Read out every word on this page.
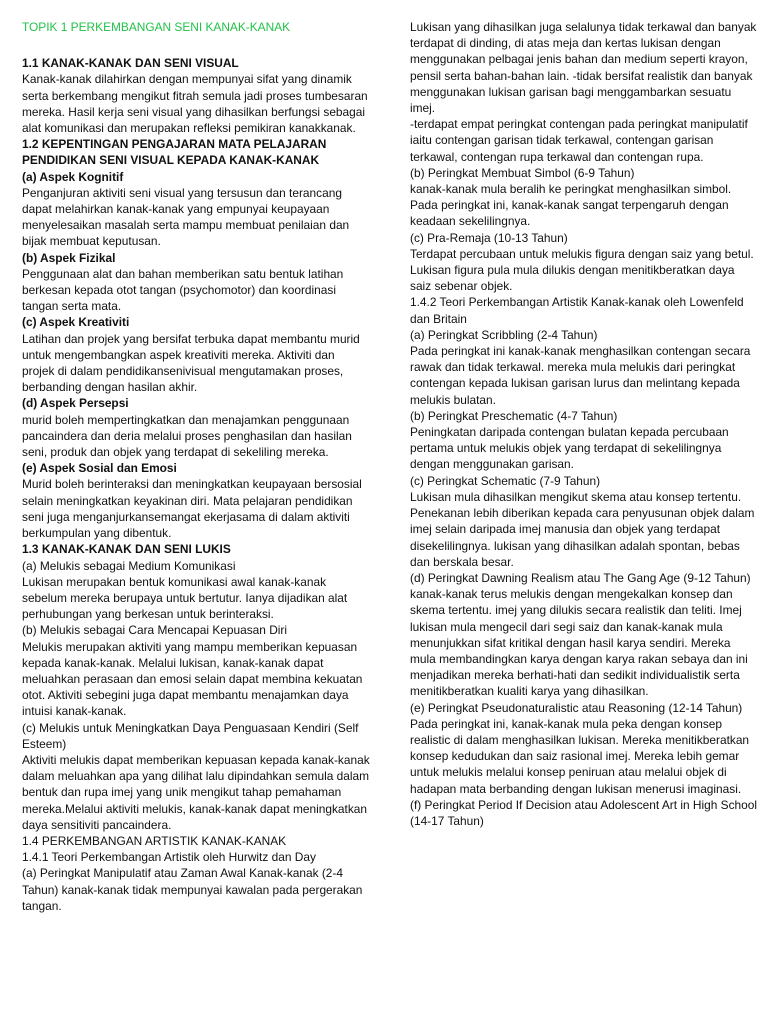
TOPIK 1 PERKEMBANGAN SENI KANAK-KANAK

1.1 KANAK-KANAK DAN SENI VISUAL

Kanak-kanak dilahirkan dengan mempunyai sifat yang dinamik serta berkembang mengikut fitrah semula jadi proses tumbesaran mereka. Hasil kerja seni visual yang dihasilkan berfungsi sebagai alat komunikasi dan merupakan refleksi pemikiran kanakkanak.

1.2 KEPENTINGAN PENGAJARAN MATA PELAJARAN PENDIDIKAN SENI VISUAL KEPADA KANAK-KANAK

(a) Aspek Kognitif

Penganjuran aktiviti seni visual yang tersusun dan terancang dapat melahirkan kanak-kanak yang empunyai keupayaan menyelesaikan masalah serta mampu membuat penilaian dan bijak membuat keputusan.

(b) Aspek Fizikal

Penggunaan alat dan bahan memberikan satu bentuk latihan berkesan kepada otot tangan (psychomotor) dan koordinasi tangan serta mata.

(c) Aspek Kreativiti

Latihan dan projek yang bersifat terbuka dapat membantu murid untuk mengembangkan aspek kreativiti mereka. Aktiviti dan projek di dalam pendidikansenivisual mengutamakan proses, berbanding dengan hasilan akhir.

(d) Aspek Persepsi

murid boleh mempertingkatkan dan menajamkan penggunaan pancaindera dan deria melalui proses penghasilan dan hasilan seni, produk dan objek yang terdapat di sekeliling mereka.

(e) Aspek Sosial dan Emosi

Murid boleh berinteraksi dan meningkatkan keupayaan bersosial selain meningkatkan keyakinan diri. Mata pelajaran pendidikan seni juga menganjurkansemangat ekerjasama di dalam aktiviti berkumpulan yang dibentuk.

1.3 KANAK-KANAK DAN SENI LUKIS

(a) Melukis sebagai Medium Komunikasi

Lukisan merupakan bentuk komunikasi awal kanak-kanak sebelum mereka berupaya untuk bertutur. Ianya dijadikan alat perhubungan yang berkesan untuk berinteraksi.

(b) Melukis sebagai Cara Mencapai Kepuasan Diri

Melukis merupakan aktiviti yang mampu memberikan kepuasan kepada kanak-kanak. Melalui lukisan, kanak-kanak dapat meluahkan perasaan dan emosi selain dapat membina kekuatan otot. Aktiviti sebegini juga dapat membantu menajamkan daya intuisi kanak-kanak.

(c) Melukis untuk Meningkatkan Daya Penguasaan Kendiri (Self Esteem)

Aktiviti melukis dapat memberikan kepuasan kepada kanak-kanak dalam meluahkan apa yang dilihat lalu dipindahkan semula dalam bentuk dan rupa imej yang unik mengikut tahap pemahaman mereka.Melalui aktiviti melukis, kanak-kanak dapat meningkatkan daya sensitiviti pancaindera.

1.4 PERKEMBANGAN ARTISTIK KANAK-KANAK

1.4.1 Teori Perkembangan Artistik oleh Hurwitz dan Day

(a) Peringkat Manipulatif atau Zaman Awal Kanak-kanak (2-4 Tahun) kanak-kanak tidak mempunyai kawalan pada pergerakan tangan.

Lukisan yang dihasilkan juga selalunya tidak terkawal dan banyak terdapat di dinding, di atas meja dan kertas lukisan dengan menggunakan pelbagai jenis bahan dan medium seperti krayon, pensil serta bahan-bahan lain. -tidak bersifat realistik dan banyak menggunakan lukisan garisan bagi menggambarkan sesuatu imej.

-terdapat empat peringkat contengan pada peringkat manipulatif iaitu contengan garisan tidak terkawal, contengan garisan terkawal, contengan rupa terkawal dan contengan rupa.

(b) Peringkat Membuat Simbol (6-9 Tahun)

kanak-kanak mula beralih ke peringkat menghasilkan simbol. Pada peringkat ini, kanak-kanak sangat terpengaruh dengan keadaan sekelilingnya.

(c) Pra-Remaja (10-13 Tahun)

Terdapat percubaan untuk melukis figura dengan saiz yang betul.

Lukisan figura pula mula dilukis dengan menitikberatkan daya saiz sebenar objek.

1.4.2 Teori Perkembangan Artistik Kanak-kanak oleh Lowenfeld dan Britain

(a) Peringkat Scribbling (2-4 Tahun)

Pada peringkat ini kanak-kanak menghasilkan contengan secara rawak dan tidak terkawal. mereka mula melukis dari peringkat contengan kepada lukisan garisan lurus dan melintang kepada melukis bulatan.

(b) Peringkat Preschematic (4-7 Tahun)

Peningkatan daripada contengan bulatan kepada percubaan pertama untuk melukis objek yang terdapat di sekelilingnya dengan menggunakan garisan.

(c) Peringkat Schematic (7-9 Tahun)

Lukisan mula dihasilkan mengikut skema atau konsep tertentu.

Penekanan lebih diberikan kepada cara penyusunan objek dalam imej selain daripada imej manusia dan objek yang terdapat disekelilingnya. lukisan yang dihasilkan adalah spontan, bebas dan berskala besar.

(d) Peringkat Dawning Realism atau The Gang Age (9-12 Tahun)

kanak-kanak terus melukis dengan mengekalkan konsep dan skema tertentu. imej yang dilukis secara realistik dan teliti. Imej lukisan mula mengecil dari segi saiz dan kanak-kanak mula menunjukkan sifat kritikal dengan hasil karya sendiri. Mereka mula membandingkan karya dengan karya rakan sebaya dan ini menjadikan mereka berhati-hati dan sedikit individualistik serta menitikberatkan kualiti karya yang dihasilkan.

(e) Peringkat Pseudonaturalistic atau Reasoning (12-14 Tahun)

Pada peringkat ini, kanak-kanak mula peka dengan konsep realistic di dalam menghasilkan lukisan. Mereka menitikberatkan konsep kedudukan dan saiz rasional imej. Mereka lebih gemar untuk melukis melalui konsep peniruan atau melalui objek di hadapan mata berbanding dengan lukisan menerusi imaginasi.

(f) Peringkat Period If Decision atau Adolescent Art in High School (14-17 Tahun)
